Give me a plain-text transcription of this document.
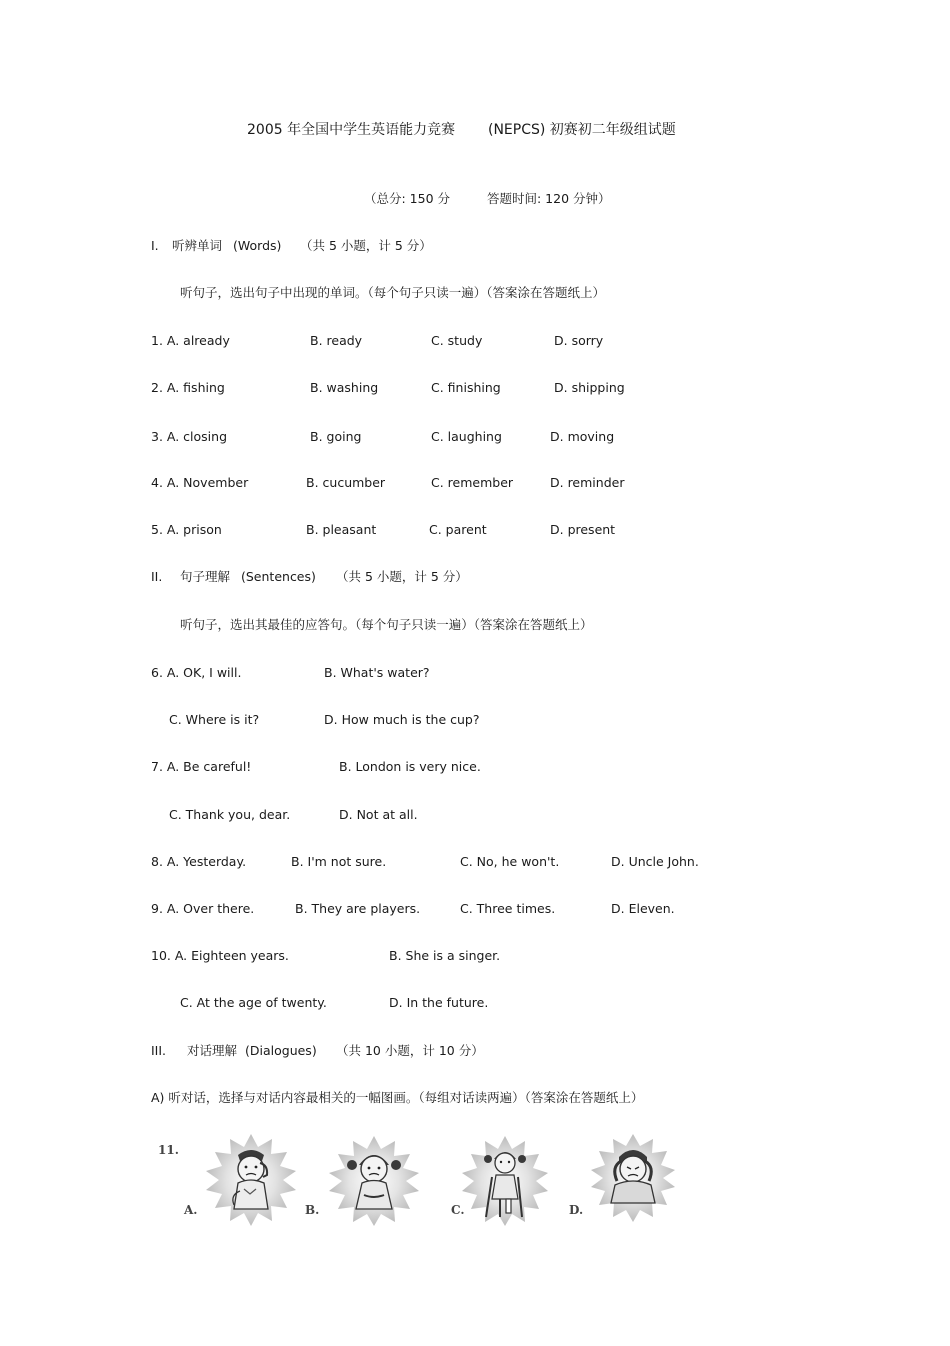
2005 年全国中学生英语能力竞赛 (NEPCS) 初赛初二年级组试题
（总分: 150 分	答题时间: 120 分钟）
I. 听辨单词 (Words) （共 5 小题，计 5 分）
听句子，选出句子中出现的单词。（每个句子只读一遍）（答案涂在答题纸上）
1. A. already	B. ready	C. study	D. sorry
2. A. fishing	B. washing	C. finishing	D. shipping
3. A. closing	B. going	C. laughing	D. moving
4. A. November	B. cucumber	C. remember	D. reminder
5. A. prison	B. pleasant	C. parent	D. present
II. 句子理解 (Sentences) （共 5 小题，计 5 分）
听句子，选出其最佳的应答句。（每个句子只读一遍）（答案涂在答题纸上）
6. A. OK, I will.	B. What's water?
C. Where is it?	D. How much is the cup?
7. A. Be careful!	B. London is very nice.
C. Thank you, dear.	D. Not at all.
8. A. Yesterday.	B. I'm not sure.	C. No, he won't.	D. Uncle John.
9. A. Over there.	B. They are players.	C. Three times.	D. Eleven.
10. A. Eighteen years.	B. She is a singer.
C. At the age of twenty.	D. In the future.
III. 对话理解 (Dialogues) （共 10 小题，计 10 分）
A) 听对话，选择与对话内容最相关的一幅图画。（每组对话读两遍）（答案涂在答题纸上）
11.
A.	B.	C.	D.
